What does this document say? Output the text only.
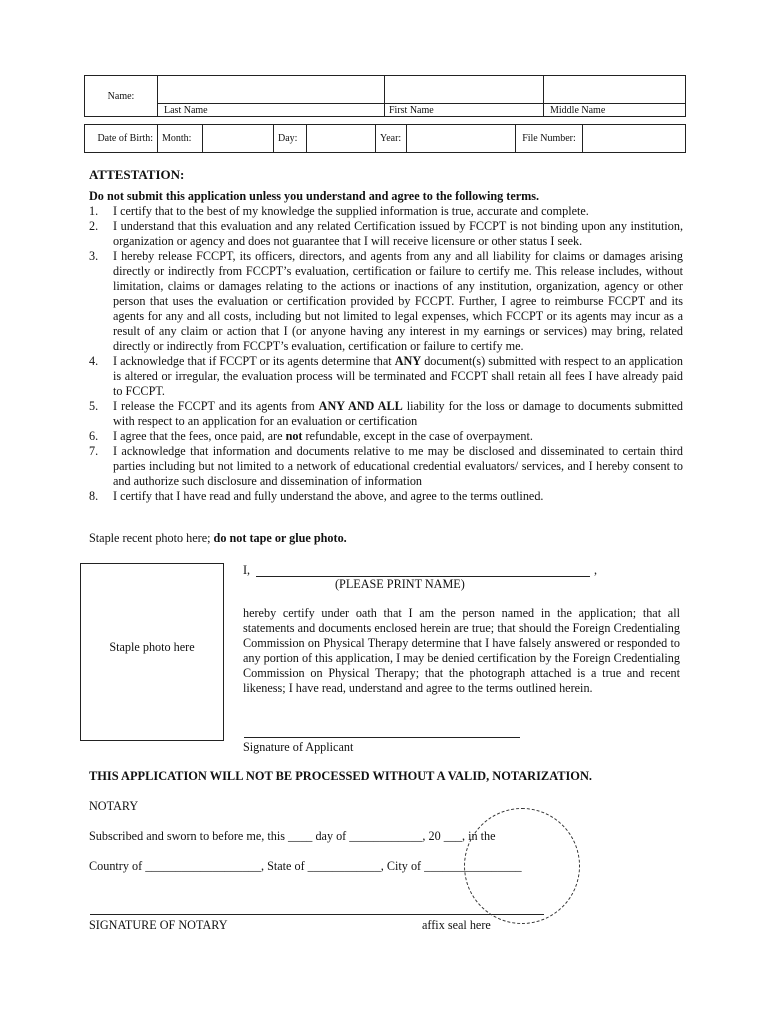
Name:			
	Last Name	First Name	Middle Name
Date of Birth:	Month:		Day:		Year:		File Number:	
ATTESTATION:
Do not submit this application unless you understand and agree to the following terms.
1. I certify that to the best of my knowledge the supplied information is true, accurate and complete.
2. I understand that this evaluation and any related Certification issued by FCCPT is not binding upon any institution, organization or agency and does not guarantee that I will receive licensure or other status I seek.
3. I hereby release FCCPT, its officers, directors, and agents from any and all liability for claims or damages arising directly or indirectly from FCCPT’s evaluation, certification or failure to certify me. This release includes, without limitation, claims or damages relating to the actions or inactions of any institution, organization, agency or other person that uses the evaluation or certification provided by FCCPT. Further, I agree to reimburse FCCPT and its agents for any and all costs, including but not limited to legal expenses, which FCCPT or its agents may incur as a result of any claim or action that I (or anyone having any interest in my earnings or services) may bring, related directly or indirectly from FCCPT’s evaluation, certification or failure to certify me.
4. I acknowledge that if FCCPT or its agents determine that ANY document(s) submitted with respect to an application is altered or irregular, the evaluation process will be terminated and FCCPT shall retain all fees I have already paid to FCCPT.
5. I release the FCCPT and its agents from ANY AND ALL liability for the loss or damage to documents submitted with respect to an application for an evaluation or certification
6. I agree that the fees, once paid, are not refundable, except in the case of overpayment.
7. I acknowledge that information and documents relative to me may be disclosed and disseminated to certain third parties including but not limited to a network of educational credential evaluators/ services, and I hereby consent to and authorize such disclosure and dissemination of information
8. I certify that I have read and fully understand the above, and agree to the terms outlined.
Staple recent photo here; do not tape or glue photo.
Staple photo here
I,	,
(PLEASE PRINT NAME)
hereby certify under oath that I am the person named in the application; that all statements and documents enclosed herein are true; that should the Foreign Credentialing Commission on Physical Therapy determine that I have falsely answered or responded to any portion of this application, I may be denied certification by the Foreign Credentialing Commission on Physical Therapy; that the photograph attached is a true and recent likeness; I have read, understand and agree to the terms outlined herein.
Signature of Applicant
THIS APPLICATION WILL NOT BE PROCESSED WITHOUT A VALID, NOTARIZATION.
NOTARY
Subscribed and sworn to before me, this ____ day of ____________, 20 ___, in the
Country of ___________________, State of ____________, City of ________________
SIGNATURE OF NOTARY	affix seal here
